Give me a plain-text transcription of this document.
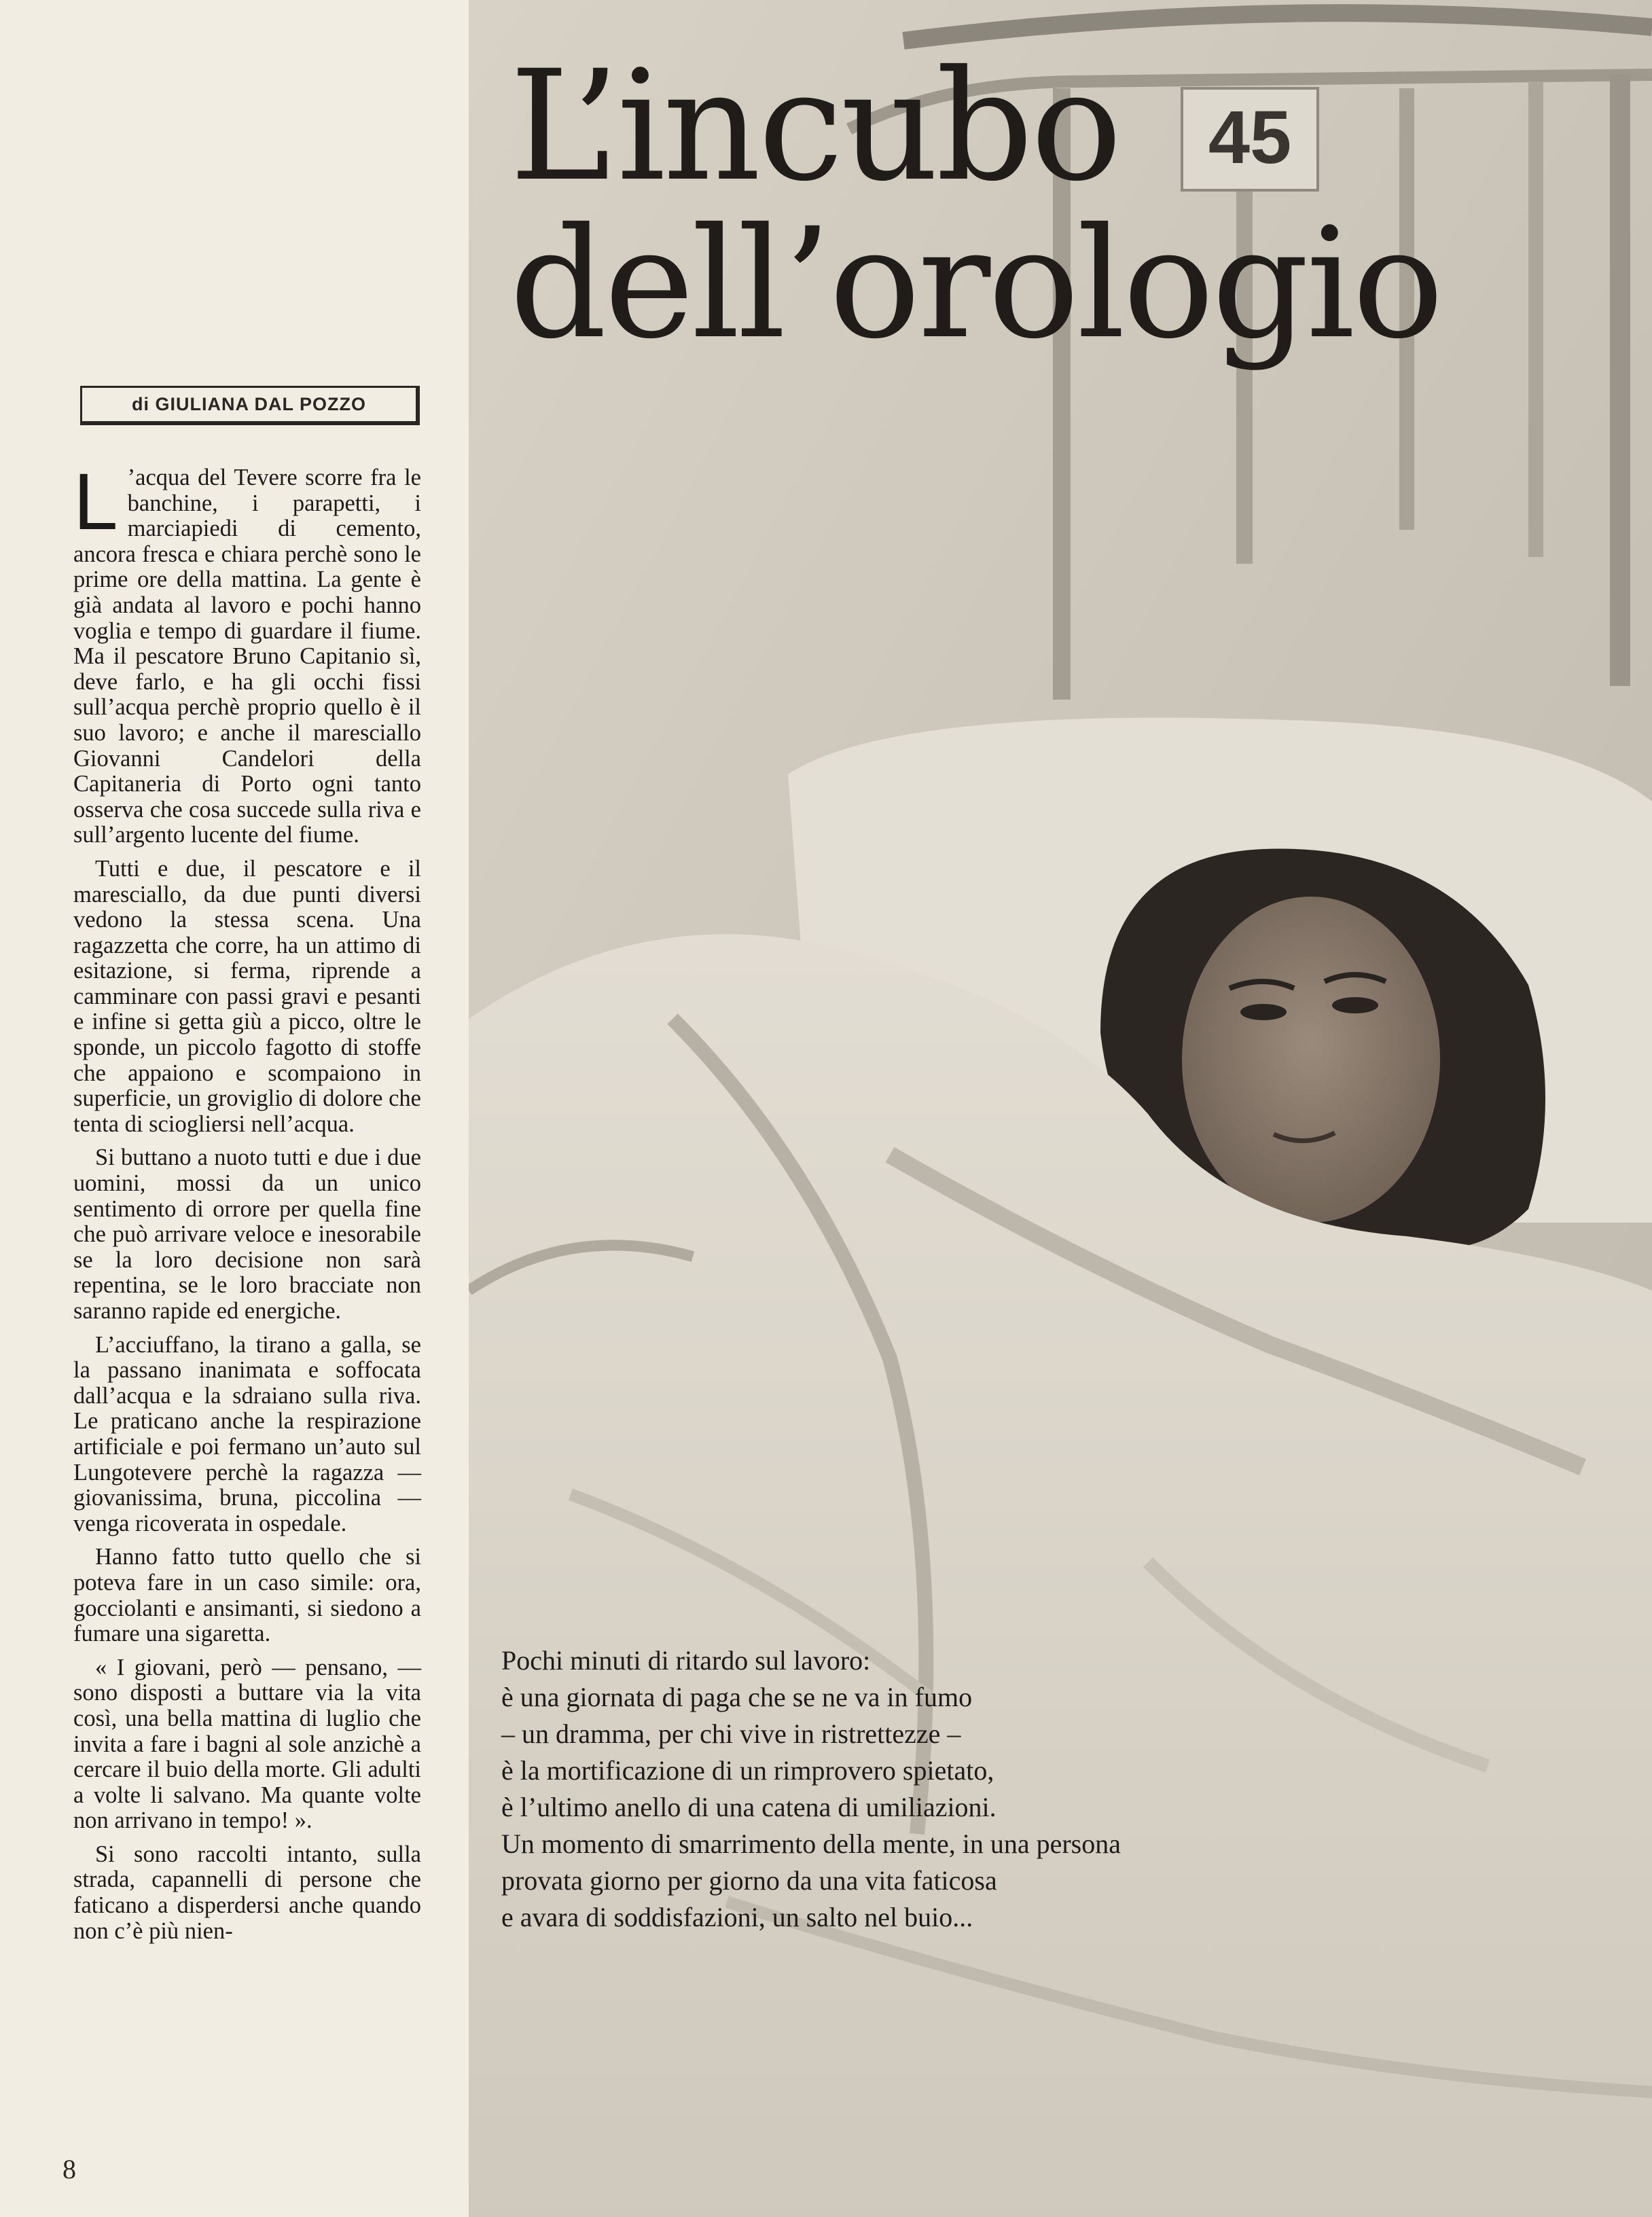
di GIULIANA DAL POZZO

L ’acqua del Tevere scorre fra le banchine, i parapetti, i marciapiedi di cemento, ancora fresca e chiara perchè sono le prime ore della mattina. La gente è già andata al lavoro e pochi hanno voglia e tempo di guardare il fiume. Ma il pescatore Bruno Capitanio sì, deve farlo, e ha gli occhi fissi sull’acqua perchè proprio quello è il suo lavoro; e anche il maresciallo Giovanni Candelori della Capitaneria di Porto ogni tanto osserva che cosa succede sulla riva e sull’argento lucente del fiume.

Tutti e due, il pescatore e il maresciallo, da due punti diversi vedono la stessa scena. Una ragazzetta che corre, ha un attimo di esitazione, si ferma, riprende a camminare con passi gravi e pesanti e infine si getta giù a picco, oltre le sponde, un piccolo fagotto di stoffe che appaiono e scompaiono in superficie, un groviglio di dolore che tenta di sciogliersi nell’acqua.

Si buttano a nuoto tutti e due i due uomini, mossi da un unico sentimento di orrore per quella fine che può arrivare veloce e inesorabile se la loro decisione non sarà repentina, se le loro bracciate non saranno rapide ed energiche.

L’acciuffano, la tirano a galla, se la passano inanimata e soffocata dall’acqua e la sdraiano sulla riva. Le praticano anche la respirazione artificiale e poi fermano un’auto sul Lungotevere perchè la ragazza — giovanissima, bruna, piccolina — venga ricoverata in ospedale.

Hanno fatto tutto quello che si poteva fare in un caso simile: ora, gocciolanti e ansimanti, si siedono a fumare una sigaretta.

« I giovani, però — pensano, — sono disposti a buttare via la vita così, una bella mattina di luglio che invita a fare i bagni al sole anzichè a cercare il buio della morte. Gli adulti a volte li salvano. Ma quante volte non arrivano in tempo! ».

Si sono raccolti intanto, sulla strada, capannelli di persone che faticano a disperdersi anche quando non c’è più nien-

8
45
L’incubo
dell’orologio
Pochi minuti di ritardo sul lavoro:
è una giornata di paga che se ne va in fumo
– un dramma, per chi vive in ristrettezze –
è la mortificazione di un rimprovero spietato,
è l’ultimo anello di una catena di umiliazioni.
Un momento di smarrimento della mente, in una persona
provata giorno per giorno da una vita faticosa
e avara di soddisfazioni, un salto nel buio...
